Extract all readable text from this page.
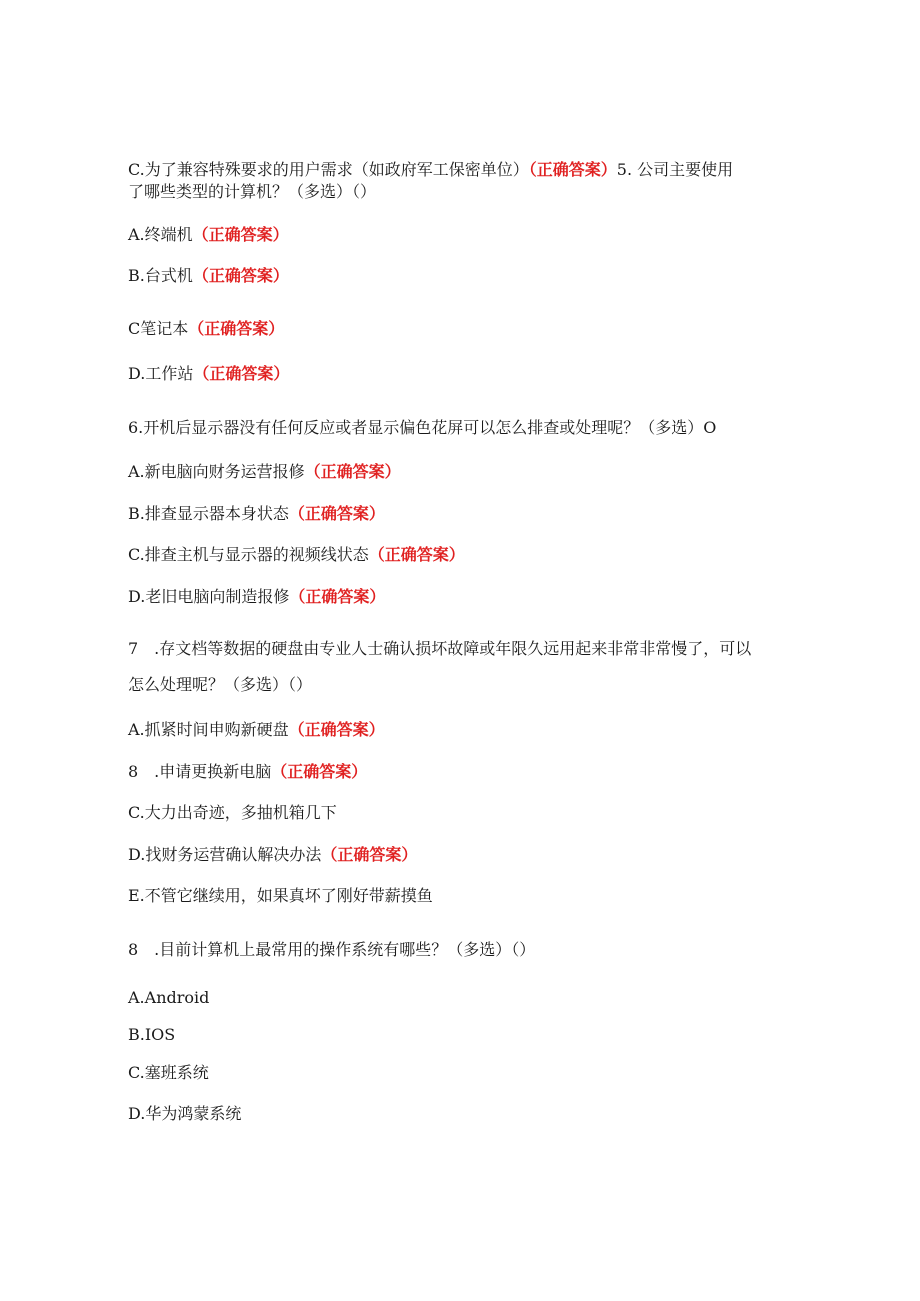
C.为了兼容特殊要求的用户需求（如政府军工保密单位）（正确答案）5. 公司主要使用
了哪些类型的计算机？（多选）（）
A.终端机（正确答案）
B.台式机（正确答案）
C笔记本（正确答案）
D.工作站（正确答案）
6.开机后显示器没有任何反应或者显示偏色花屏可以怎么排查或处理呢？（多选）O
A.新电脑向财务运营报修（正确答案）
B.排查显示器本身状态（正确答案）
C.排查主机与显示器的视频线状态（正确答案）
D.老旧电脑向制造报修（正确答案）
7　.存文档等数据的硬盘由专业人士确认损坏故障或年限久远用起来非常非常慢了，可以
怎么处理呢？（多选）（）
A.抓紧时间申购新硬盘（正确答案）
8　.申请更换新电脑（正确答案）
C.大力出奇迹，多抽机箱几下
D.找财务运营确认解决办法（正确答案）
E.不管它继续用，如果真坏了刚好带薪摸鱼
8　.目前计算机上最常用的操作系统有哪些？（多选）（）
A.Android
B.IOS
C.塞班系统
D.华为鸿蒙系统
